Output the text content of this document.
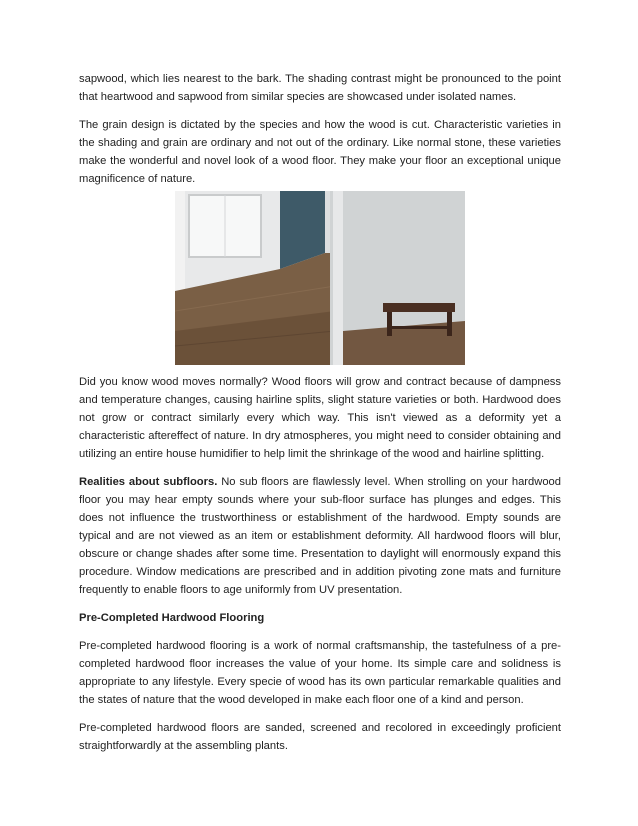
sapwood, which lies nearest to the bark. The shading contrast might be pronounced to the point that heartwood and sapwood from similar species are showcased under isolated names.

The grain design is dictated by the species and how the wood is cut. Characteristic varieties in the shading and grain are ordinary and not out of the ordinary. Like normal stone, these varieties make the wonderful and novel look of a wood floor. They make your floor an exceptional unique magnificence of nature.

Did you know wood moves normally? Wood floors will grow and contract because of dampness and temperature changes, causing hairline splits, slight stature varieties or both. Hardwood does not grow or contract similarly every which way. This isn't viewed as a deformity yet a characteristic aftereffect of nature. In dry atmospheres, you might need to consider obtaining and utilizing an entire house humidifier to help limit the shrinkage of the wood and hairline splitting.

Realities about subfloors. No sub floors are flawlessly level. When strolling on your hardwood floor you may hear empty sounds where your sub-floor surface has plunges and edges. This does not influence the trustworthiness or establishment of the hardwood. Empty sounds are typical and are not viewed as an item or establishment deformity. All hardwood floors will blur, obscure or change shades after some time. Presentation to daylight will enormously expand this procedure. Window medications are prescribed and in addition pivoting zone mats and furniture frequently to enable floors to age uniformly from UV presentation.

Pre-Completed Hardwood Flooring

Pre-completed hardwood flooring is a work of normal craftsmanship, the tastefulness of a pre-completed hardwood floor increases the value of your home. Its simple care and solidness is appropriate to any lifestyle. Every specie of wood has its own particular remarkable qualities and the states of nature that the wood developed in make each floor one of a kind and person.

Pre-completed hardwood floors are sanded, screened and recolored in exceedingly proficient straightforwardly at the assembling plants.
